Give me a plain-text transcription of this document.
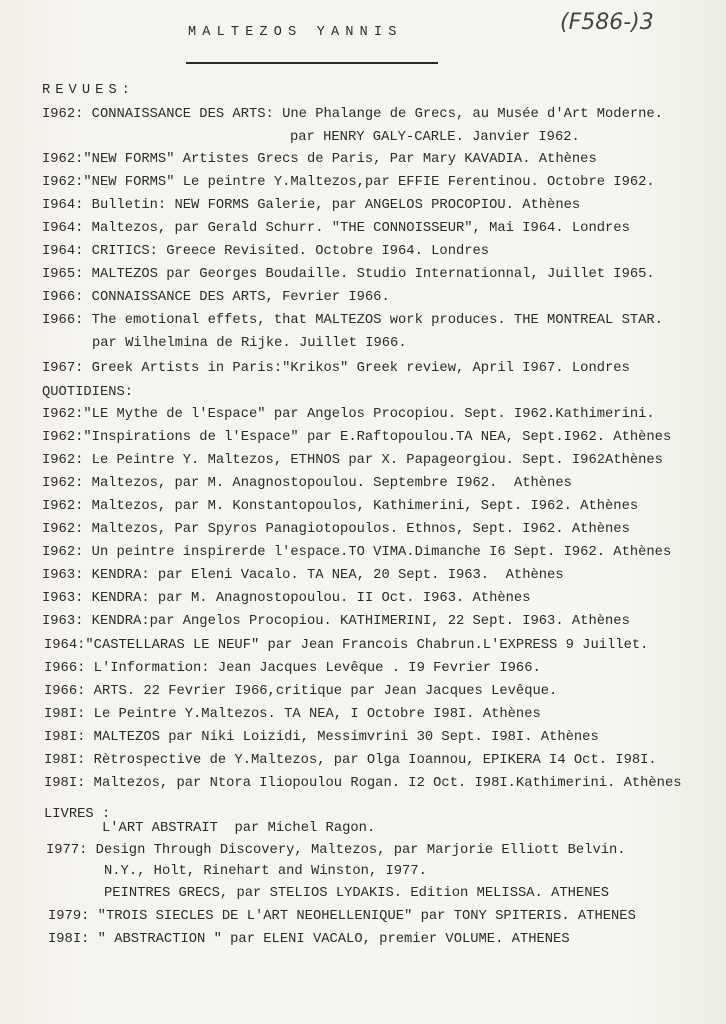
MALTEZOS YANNIS	(F586-)3
REVUES:
I962: CONNAISSANCE DES ARTS: Une Phalange de Grecs, au Musée d'Art Moderne.
par HENRY GALY-CARLE. Janvier I962.
I962:"NEW FORMS" Artistes Grecs de Paris, Par Mary KAVADIA. Athènes
I962:"NEW FORMS" Le peintre Y.Maltezos,par EFFIE Ferentinou. Octobre I962.
I964: Bulletin: NEW FORMS Galerie, par ANGELOS PROCOPIOU. Athènes
I964: Maltezos, par Gerald Schurr. "THE CONNOISSEUR", Mai I964. Londres
I964: CRITICS: Greece Revisited. Octobre I964. Londres
I965: MALTEZOS par Georges Boudaille. Studio Internationnal, Juillet I965.
I966: CONNAISSANCE DES ARTS, Fevrier I966.
I966: The emotional effets, that MALTEZOS work produces. THE MONTREAL STAR.
par Wilhelmina de Rijke. Juillet I966.
I967: Greek Artists in Paris:"Krikos" Greek review, April I967. Londres
QUOTIDIENS:
I962:"LE Mythe de l'Espace" par Angelos Procopiou. Sept. I962.Kathimerini.
I962:"Inspirations de l'Espace" par E.Raftopoulou.TA NEA, Sept.I962. Athènes
I962: Le Peintre Y. Maltezos, ETHNOS par X. Papageorgiou. Sept. I962Athènes
I962: Maltezos, par M. Anagnostopoulou. Septembre I962.  Athènes
I962: Maltezos, par M. Konstantopoulos, Kathimerini, Sept. I962. Athènes
I962: Maltezos, Par Spyros Panagiotopoulos. Ethnos, Sept. I962. Athènes
I962: Un peintre inspirerde l'espace.TO VIMA.Dimanche I6 Sept. I962. Athènes
I963: KENDRA: par Eleni Vacalo. TA NEA, 20 Sept. I963.  Athènes
I963: KENDRA: par M. Anagnostopoulou. II Oct. I963. Athènes
I963: KENDRA:par Angelos Procopiou. KATHIMERINI, 22 Sept. I963. Athènes
I964:"CASTELLARAS LE NEUF" par Jean Francois Chabrun.L'EXPRESS 9 Juillet.
I966: L'Information: Jean Jacques Levêque . I9 Fevrier I966.
I966: ARTS. 22 Fevrier I966,critique par Jean Jacques Levêque.
I98I: Le Peintre Y.Maltezos. TA NEA, I Octobre I98I. Athènes
I98I: MALTEZOS par Niki Loizidi, Messimvrini 30 Sept. I98I. Athènes
I98I: Rètrospective de Y.Maltezos, par Olga Ioannou, EPIKERA I4 Oct. I98I.
I98I: Maltezos, par Ntora Iliopoulou Rogan. I2 Oct. I98I.Kathimerini. Athènes
LIVRES :
L'ART ABSTRAIT  par Michel Ragon.
I977: Design Through Discovery, Maltezos, par Marjorie Elliott Belvin.
N.Y., Holt, Rinehart and Winston, I977.
PEINTRES GRECS, par STELIOS LYDAKIS. Edition MELISSA. ATHENES
I979: "TROIS SIECLES DE L'ART NEOHELLENIQUE" par TONY SPITERIS. ATHENES
I98I: " ABSTRACTION " par ELENI VACALO, premier VOLUME. ATHENES
